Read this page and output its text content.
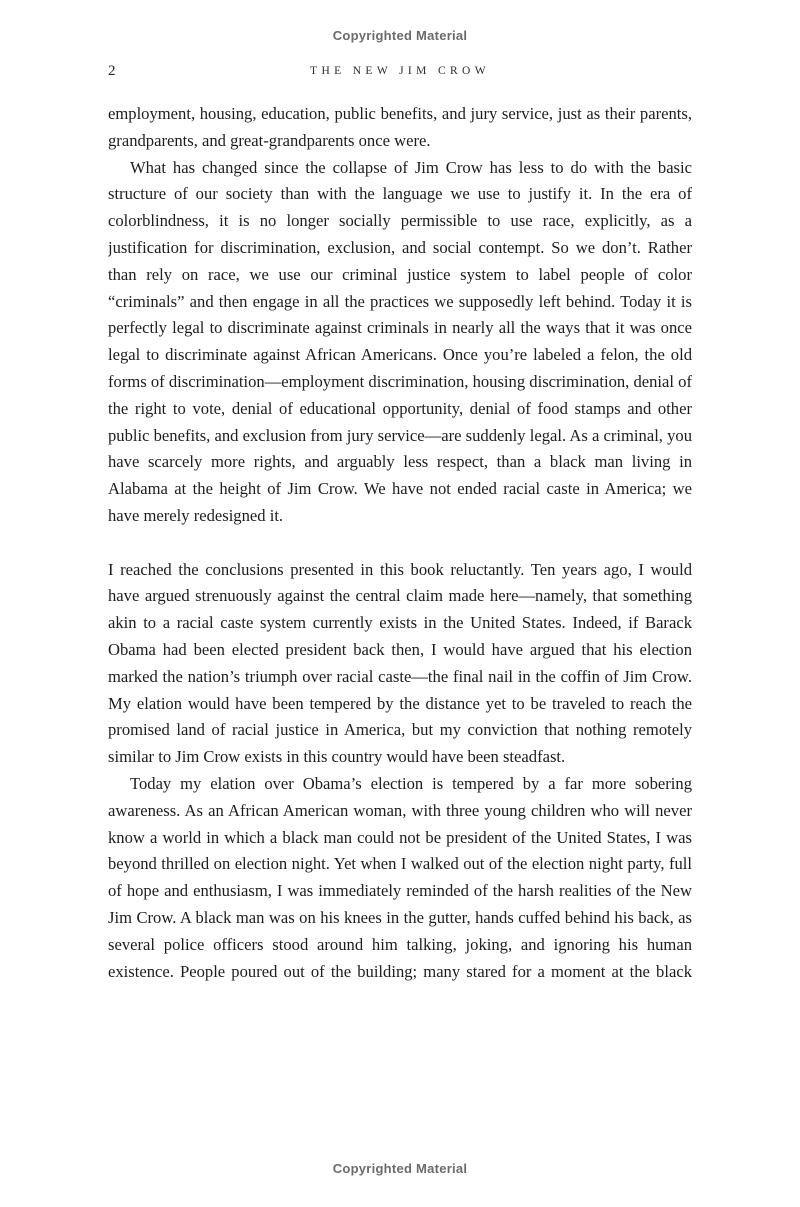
Copyrighted Material
2	THE NEW JIM CROW

employment, housing, education, public benefits, and jury service, just as their parents, grandparents, and great-grandparents once were.

What has changed since the collapse of Jim Crow has less to do with the basic structure of our society than with the language we use to justify it. In the era of colorblindness, it is no longer socially permissible to use race, explicitly, as a justification for discrimination, exclusion, and social contempt. So we don’t. Rather than rely on race, we use our criminal justice system to label people of color “criminals” and then engage in all the practices we supposedly left behind. Today it is perfectly legal to discriminate against criminals in nearly all the ways that it was once legal to discriminate against African Americans. Once you’re labeled a felon, the old forms of discrimination—employment discrimination, housing discrimination, denial of the right to vote, denial of educational opportunity, denial of food stamps and other public benefits, and exclusion from jury service—are suddenly legal. As a criminal, you have scarcely more rights, and arguably less respect, than a black man living in Alabama at the height of Jim Crow. We have not ended racial caste in America; we have merely redesigned it.

I reached the conclusions presented in this book reluctantly. Ten years ago, I would have argued strenuously against the central claim made here—namely, that something akin to a racial caste system currently exists in the United States. Indeed, if Barack Obama had been elected president back then, I would have argued that his election marked the nation’s triumph over racial caste—the final nail in the coffin of Jim Crow. My elation would have been tempered by the distance yet to be traveled to reach the promised land of racial justice in America, but my conviction that nothing remotely similar to Jim Crow exists in this country would have been steadfast.

Today my elation over Obama’s election is tempered by a far more sobering awareness. As an African American woman, with three young children who will never know a world in which a black man could not be president of the United States, I was beyond thrilled on election night. Yet when I walked out of the election night party, full of hope and enthusiasm, I was immediately reminded of the harsh realities of the New Jim Crow. A black man was on his knees in the gutter, hands cuffed behind his back, as several police officers stood around him talking, joking, and ignoring his human existence. People poured out of the building; many stared for a moment at the black

Copyrighted Material
